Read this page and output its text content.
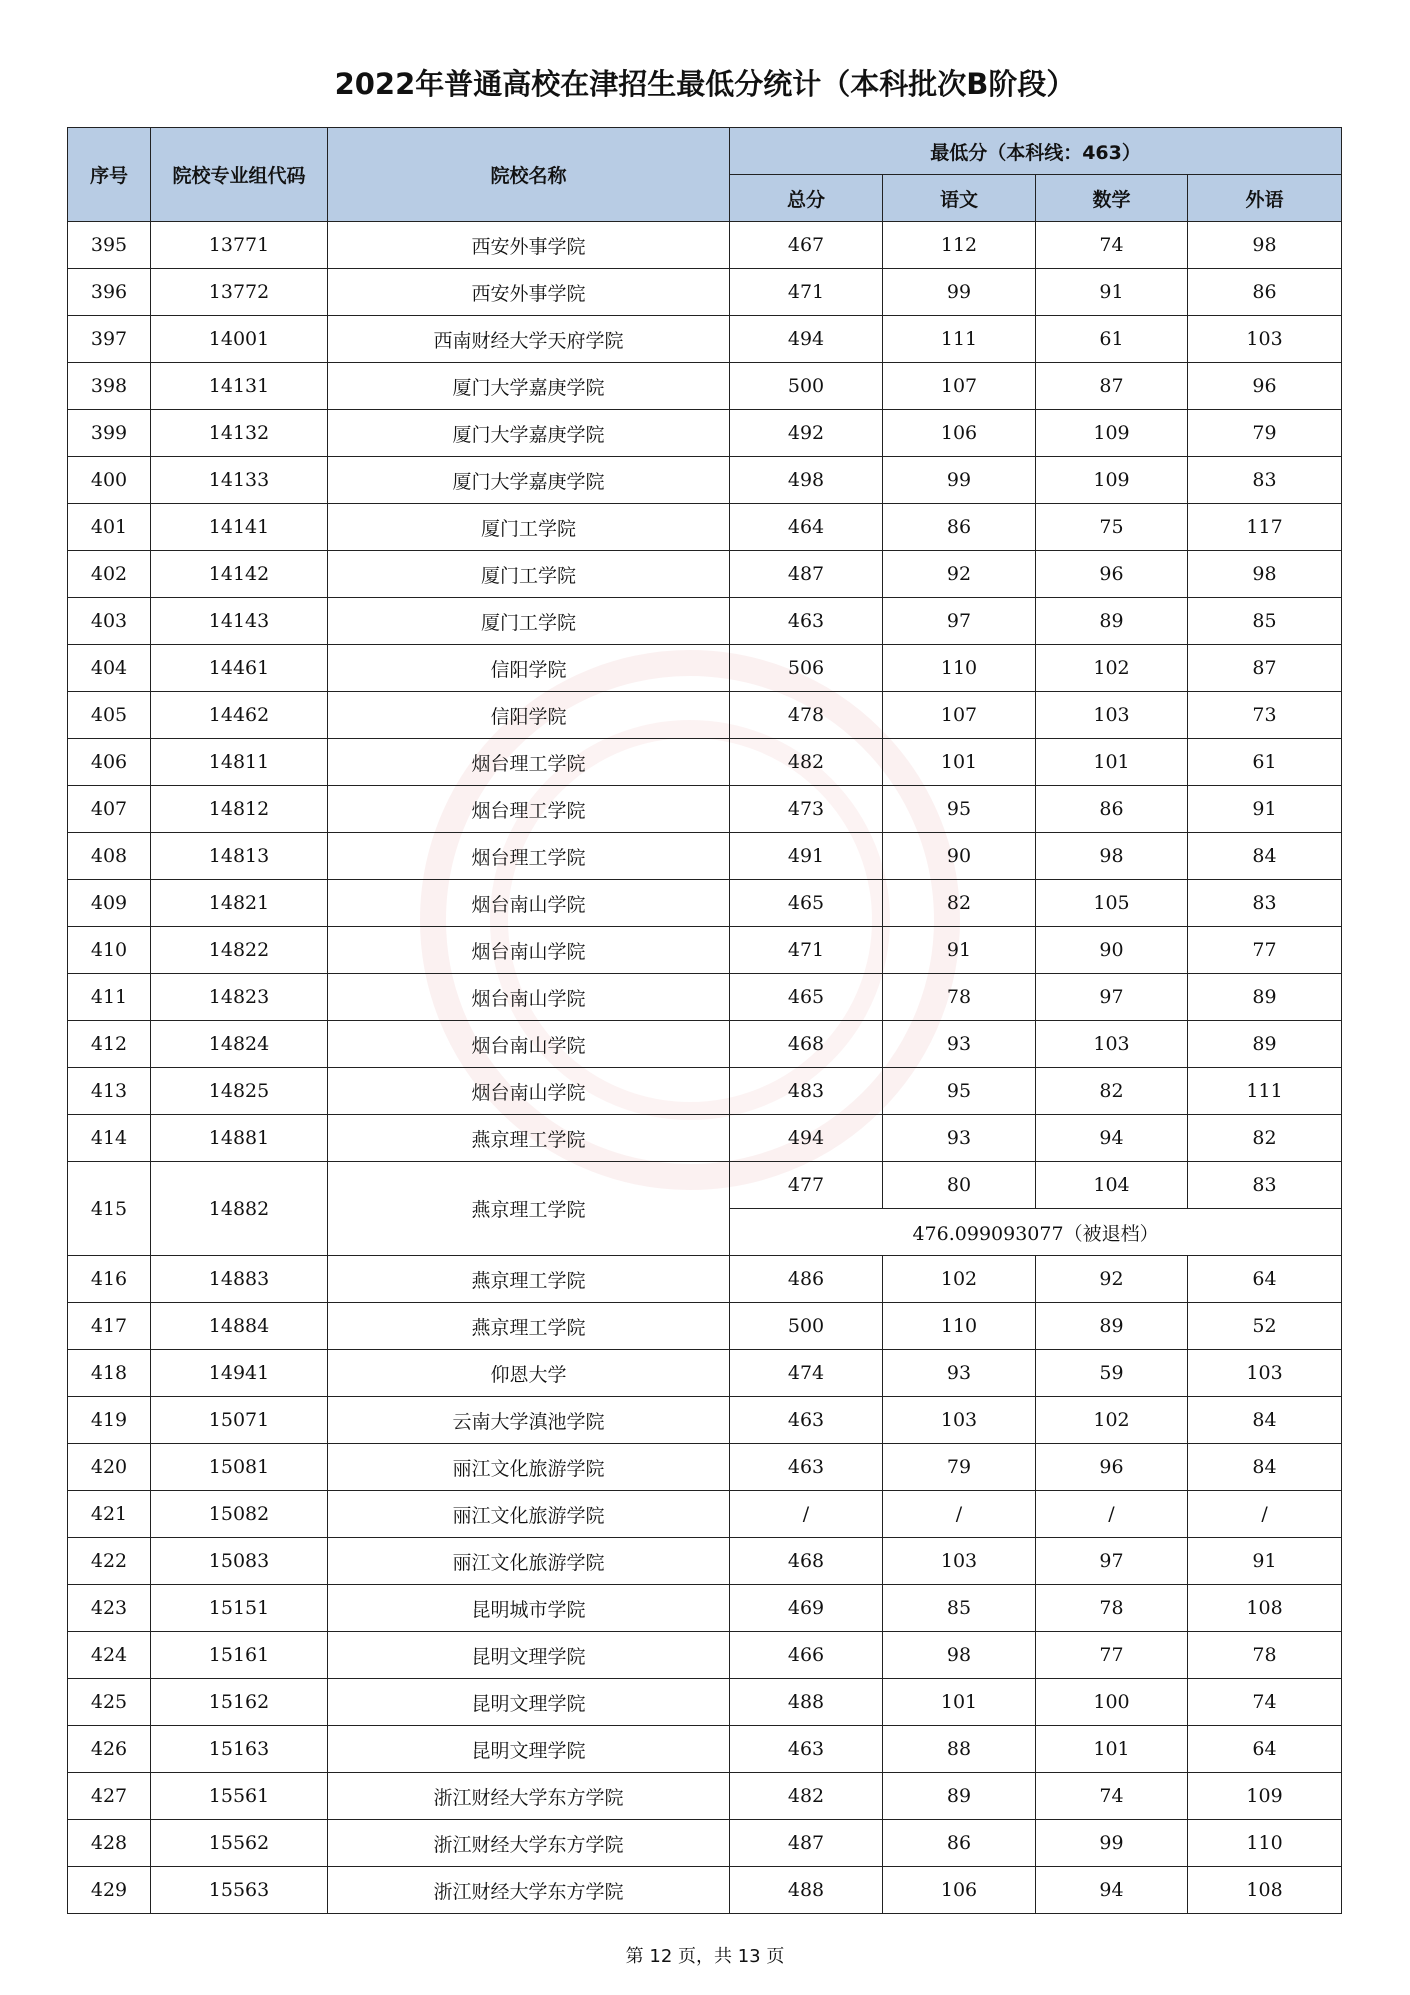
2022年普通高校在津招生最低分统计（本科批次B阶段）
序号	院校专业组代码	院校名称	最低分（本科线：463）			
			总分	语文	数学	外语
395	13771	西安外事学院	467	112	74	98
396	13772	西安外事学院	471	99	91	86
397	14001	西南财经大学天府学院	494	111	61	103
398	14131	厦门大学嘉庚学院	500	107	87	96
399	14132	厦门大学嘉庚学院	492	106	109	79
400	14133	厦门大学嘉庚学院	498	99	109	83
401	14141	厦门工学院	464	86	75	117
402	14142	厦门工学院	487	92	96	98
403	14143	厦门工学院	463	97	89	85
404	14461	信阳学院	506	110	102	87
405	14462	信阳学院	478	107	103	73
406	14811	烟台理工学院	482	101	101	61
407	14812	烟台理工学院	473	95	86	91
408	14813	烟台理工学院	491	90	98	84
409	14821	烟台南山学院	465	82	105	83
410	14822	烟台南山学院	471	91	90	77
411	14823	烟台南山学院	465	78	97	89
412	14824	烟台南山学院	468	93	103	89
413	14825	烟台南山学院	483	95	82	111
414	14881	燕京理工学院	494	93	94	82
415	14882	燕京理工学院	477	80	104	83
			476.099093077（被退档）			
416	14883	燕京理工学院	486	102	92	64
417	14884	燕京理工学院	500	110	89	52
418	14941	仰恩大学	474	93	59	103
419	15071	云南大学滇池学院	463	103	102	84
420	15081	丽江文化旅游学院	463	79	96	84
421	15082	丽江文化旅游学院	/	/	/	/
422	15083	丽江文化旅游学院	468	103	97	91
423	15151	昆明城市学院	469	85	78	108
424	15161	昆明文理学院	466	98	77	78
425	15162	昆明文理学院	488	101	100	74
426	15163	昆明文理学院	463	88	101	64
427	15561	浙江财经大学东方学院	482	89	74	109
428	15562	浙江财经大学东方学院	487	86	99	110
429	15563	浙江财经大学东方学院	488	106	94	108
第 12 页，共 13 页
